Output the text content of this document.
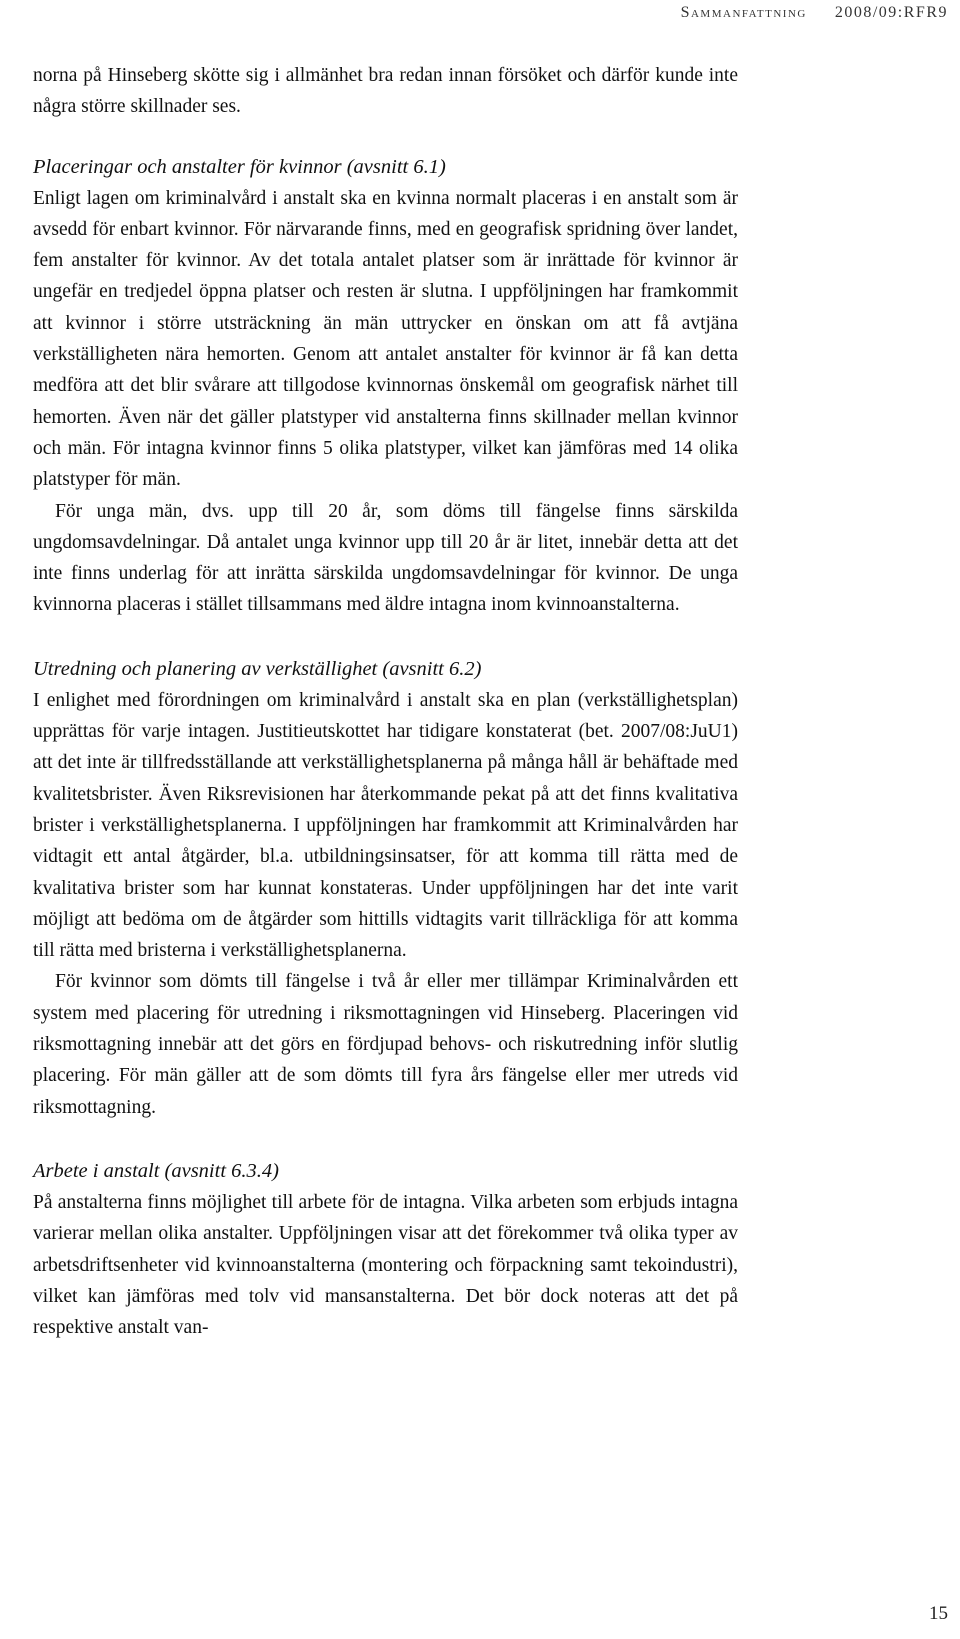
Sammanfattning 2008/09:RFR9

norna på Hinseberg skötte sig i allmänhet bra redan innan försöket och därför kunde inte några större skillnader ses.

Placeringar och anstalter för kvinnor (avsnitt 6.1)

Enligt lagen om kriminalvård i anstalt ska en kvinna normalt placeras i en anstalt som är avsedd för enbart kvinnor. För närvarande finns, med en geografisk spridning över landet, fem anstalter för kvinnor. Av det totala antalet platser som är inrättade för kvinnor är ungefär en tredjedel öppna platser och resten är slutna. I uppföljningen har framkommit att kvinnor i större utsträckning än män uttrycker en önskan om att få avtjäna verkställigheten nära hemorten. Genom att antalet anstalter för kvinnor är få kan detta medföra att det blir svårare att tillgodose kvinnornas önskemål om geografisk närhet till hemorten. Även när det gäller platstyper vid anstalterna finns skillnader mellan kvinnor och män. För intagna kvinnor finns 5 olika platstyper, vilket kan jämföras med 14 olika platstyper för män.

För unga män, dvs. upp till 20 år, som döms till fängelse finns särskilda ungdomsavdelningar. Då antalet unga kvinnor upp till 20 år är litet, innebär detta att det inte finns underlag för att inrätta särskilda ungdomsavdelningar för kvinnor. De unga kvinnorna placeras i stället tillsammans med äldre intagna inom kvinnoanstalterna.

Utredning och planering av verkställighet (avsnitt 6.2)

I enlighet med förordningen om kriminalvård i anstalt ska en plan (verkställighetsplan) upprättas för varje intagen. Justitieutskottet har tidigare konstaterat (bet. 2007/08:JuU1) att det inte är tillfredsställande att verkställighetsplanerna på många håll är behäftade med kvalitetsbrister. Även Riksrevisionen har återkommande pekat på att det finns kvalitativa brister i verkställighetsplanerna. I uppföljningen har framkommit att Kriminalvården har vidtagit ett antal åtgärder, bl.a. utbildningsinsatser, för att komma till rätta med de kvalitativa brister som har kunnat konstateras. Under uppföljningen har det inte varit möjligt att bedöma om de åtgärder som hittills vidtagits varit tillräckliga för att komma till rätta med bristerna i verkställighetsplanerna.

För kvinnor som dömts till fängelse i två år eller mer tillämpar Kriminalvården ett system med placering för utredning i riksmottagningen vid Hinseberg. Placeringen vid riksmottagning innebär att det görs en fördjupad behovs- och riskutredning inför slutlig placering. För män gäller att de som dömts till fyra års fängelse eller mer utreds vid riksmottagning.

Arbete i anstalt (avsnitt 6.3.4)

På anstalterna finns möjlighet till arbete för de intagna. Vilka arbeten som erbjuds intagna varierar mellan olika anstalter. Uppföljningen visar att det förekommer två olika typer av arbetsdriftsenheter vid kvinnoanstalterna (montering och förpackning samt tekoindustri), vilket kan jämföras med tolv vid mansanstalterna. Det bör dock noteras att det på respektive anstalt van-

15
